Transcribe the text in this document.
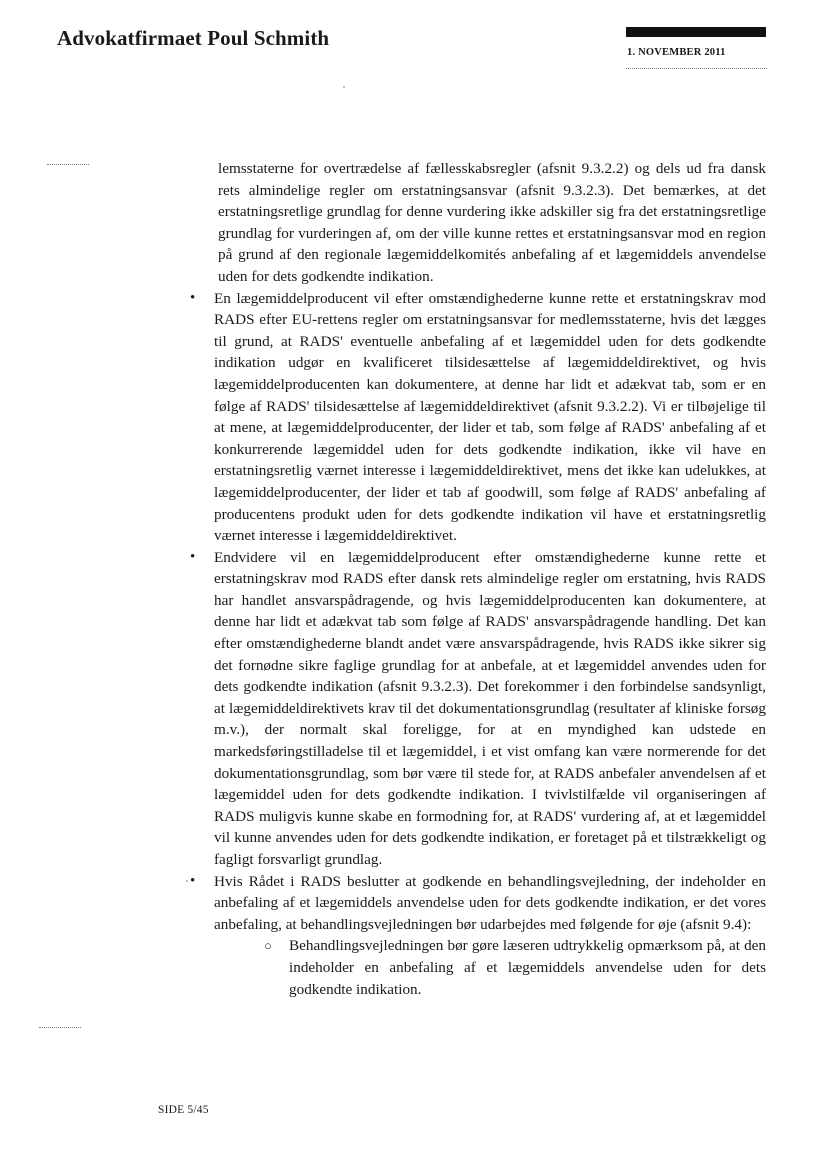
Advokatfirmaet Poul Schmith
1. NOVEMBER 2011

lemsstaterne for overtrædelse af fællesskabsregler (afsnit 9.3.2.2) og dels ud fra dansk rets almindelige regler om erstatningsansvar (afsnit 9.3.2.3). Det bemærkes, at det erstatningsretlige grundlag for denne vurdering ikke adskiller sig fra det erstatningsretlige grundlag for vurderingen af, om der ville kunne rettes et erstatningsansvar mod en region på grund af den regionale lægemiddelkomités anbefaling af et lægemiddels anvendelse uden for dets godkendte indikation.

•	En lægemiddelproducent vil efter omstændighederne kunne rette et erstatningskrav mod RADS efter EU-rettens regler om erstatningsansvar for medlemsstaterne, hvis det lægges til grund, at RADS' eventuelle anbefaling af et lægemiddel uden for dets godkendte indikation udgør en kvalificeret tilsidesættelse af lægemiddeldirektivet, og hvis lægemiddelproducenten kan dokumentere, at denne har lidt et adækvat tab, som er en følge af RADS' tilsidesættelse af lægemiddeldirektivet (afsnit 9.3.2.2). Vi er tilbøjelige til at mene, at lægemiddelproducenter, der lider et tab, som følge af RADS' anbefaling af et konkurrerende lægemiddel uden for dets godkendte indikation, ikke vil have en erstatningsretlig værnet interesse i lægemiddeldirektivet, mens det ikke kan udelukkes, at lægemiddelproducenter, der lider et tab af goodwill, som følge af RADS' anbefaling af producentens produkt uden for dets godkendte indikation vil have et erstatningsretlig værnet interesse i lægemiddeldirektivet.
•	Endvidere vil en lægemiddelproducent efter omstændighederne kunne rette et erstatningskrav mod RADS efter dansk rets almindelige regler om erstatning, hvis RADS har handlet ansvarspådragende, og hvis lægemiddelproducenten kan dokumentere, at denne har lidt et adækvat tab som følge af RADS' ansvarspådragende handling. Det kan efter omstændighederne blandt andet være ansvarspådragende, hvis RADS ikke sikrer sig det fornødne sikre faglige grundlag for at anbefale, at et lægemiddel anvendes uden for dets godkendte indikation (afsnit 9.3.2.3). Det forekommer i den forbindelse sandsynligt, at lægemiddeldirektivets krav til det dokumentationsgrundlag (resultater af kliniske forsøg m.v.), der normalt skal foreligge, for at en myndighed kan udstede en markedsføringstilladelse til et lægemiddel, i et vist omfang kan være normerende for det dokumentationsgrundlag, som bør være til stede for, at RADS anbefaler anvendelsen af et lægemiddel uden for dets godkendte indikation. I tvivlstilfælde vil organiseringen af RADS muligvis kunne skabe en formodning for, at RADS' vurdering af, at et lægemiddel vil kunne anvendes uden for dets godkendte indikation, er foretaget på et tilstrækkeligt og fagligt forsvarligt grundlag.
•	Hvis Rådet i RADS beslutter at godkende en behandlingsvejledning, der indeholder en anbefaling af et lægemiddels anvendelse uden for dets godkendte indikation, er det vores anbefaling, at behandlingsvejledningen bør udarbejdes med følgende for øje (afsnit 9.4):
○ Behandlingsvejledningen bør gøre læseren udtrykkelig opmærksom på, at den indeholder en anbefaling af et lægemiddels anvendelse uden for dets godkendte indikation.
SIDE 5/45
